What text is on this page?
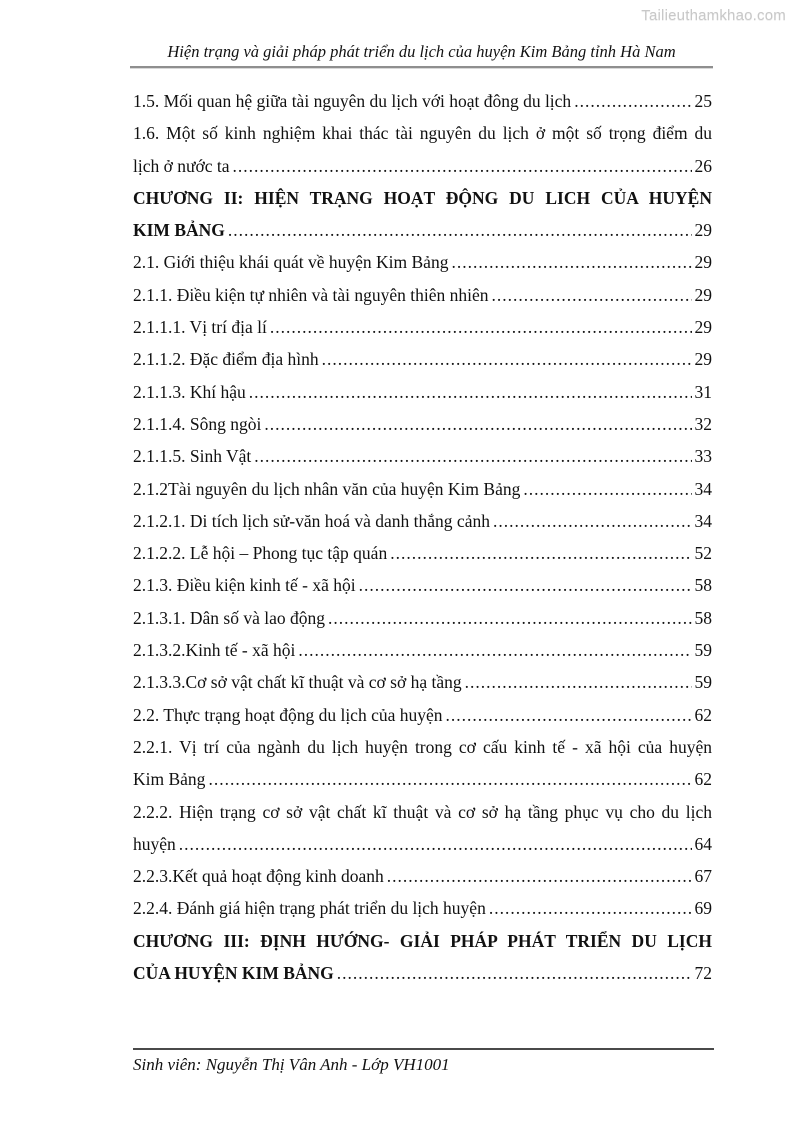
Tailieuthamkhao.com
Hiện trạng và giải pháp phát triển du lịch của huyện Kim Bảng tỉnh Hà Nam
1.5. Mối quan hệ giữa tài nguyên du lịch với hoạt đông du lịch .....	25
1.6. Một số kinh nghiệm khai thác tài nguyên du lịch ở một số trọng điểm du
lịch ở nước ta .....	26
CHƯƠNG II: HIỆN TRẠNG HOẠT ĐỘNG DU LICH CỦA HUYỆN
KIM BẢNG .....	29
2.1. Giới thiệu khái quát về huyện Kim Bảng .....	29
2.1.1. Điều kiện tự nhiên và tài nguyên thiên nhiên .....	29
2.1.1.1. Vị trí địa lí .....	29
2.1.1.2. Đặc điểm địa hình .....	29
2.1.1.3. Khí hậu .....	31
2.1.1.4. Sông ngòi .....	32
2.1.1.5. Sinh Vật .....	33
2.1.2Tài nguyên du lịch nhân văn của huyện Kim Bảng .....	34
2.1.2.1. Di tích lịch sử-văn hoá và danh thắng cảnh .....	34
2.1.2.2. Lễ hội – Phong tục tập quán .....	52
2.1.3. Điều kiện kinh tế - xã hội .....	58
2.1.3.1. Dân số và lao động .....	58
2.1.3.2.Kinh tế - xã hội .....	59
2.1.3.3.Cơ sở vật chất kĩ thuật và cơ sở hạ tầng .....	59
2.2. Thực trạng hoạt động du lịch của huyện .....	62
2.2.1. Vị trí của ngành du lịch huyện trong cơ cấu kinh tế - xã hội của huyện
Kim Bảng .....	62
2.2.2. Hiện trạng cơ sở vật chất kĩ thuật và cơ sở hạ tầng phục vụ cho du lịch
huyện .....	64
2.2.3.Kết quả hoạt động kinh doanh .....	67
2.2.4. Đánh giá hiện trạng phát triển du lịch huyện .....	69
CHƯƠNG III: ĐỊNH HƯỚNG- GIẢI PHÁP PHÁT TRIỂN DU LỊCH
CỦA HUYỆN KIM BẢNG .....	72
Sinh viên: Nguyễn Thị Vân Anh - Lớp VH1001
